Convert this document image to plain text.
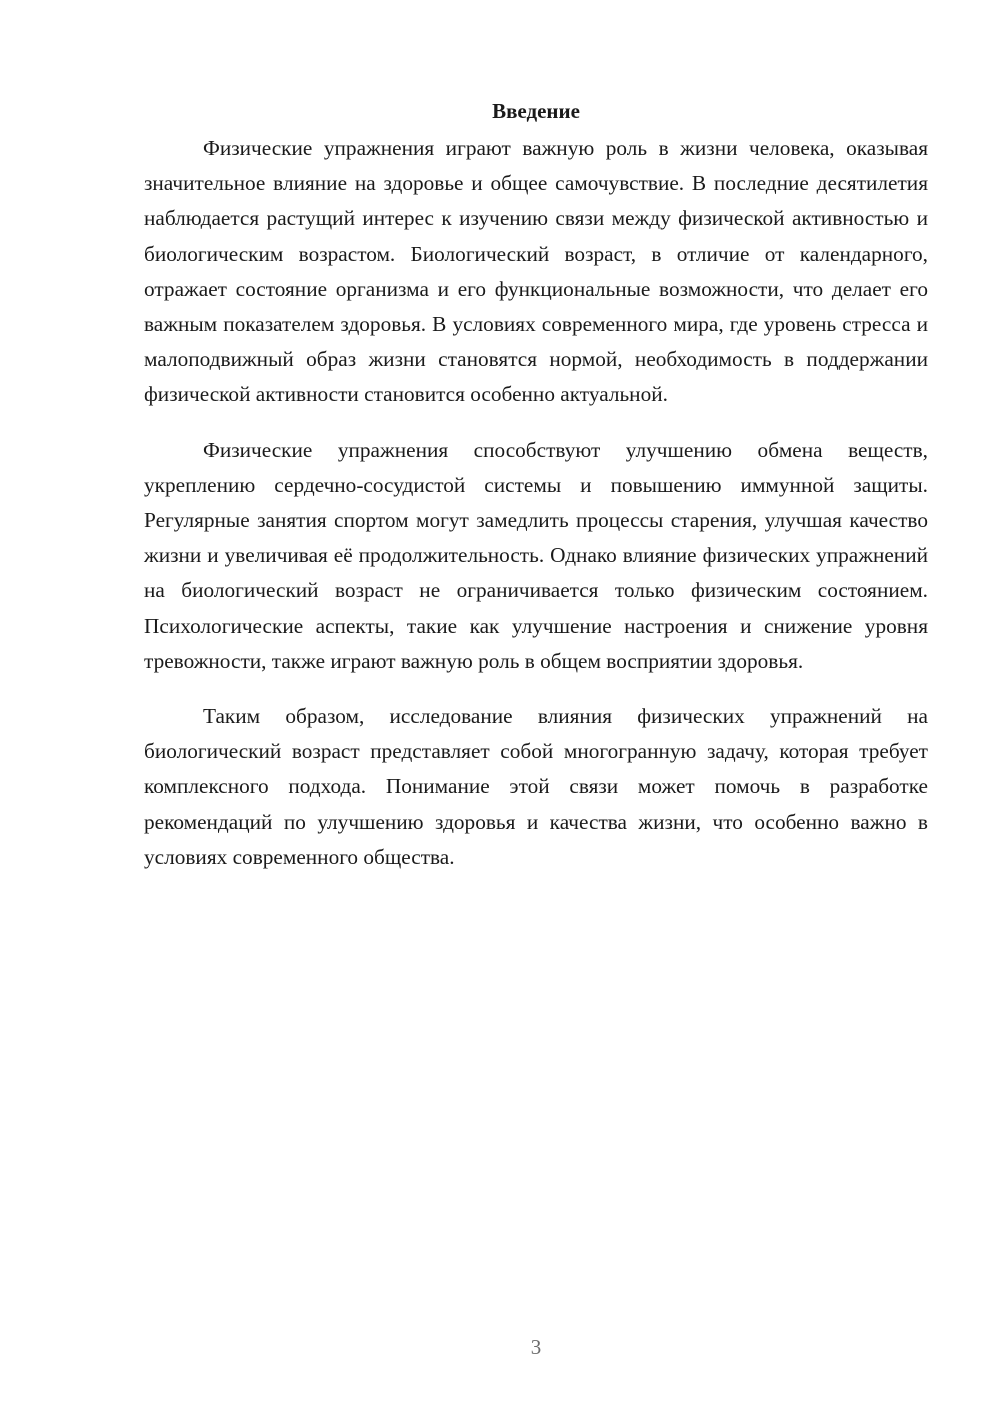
Введение

Физические упражнения играют важную роль в жизни человека, оказывая значительное влияние на здоровье и общее самочувствие. В последние десятилетия наблюдается растущий интерес к изучению связи между физической активностью и биологическим возрастом. Биологический возраст, в отличие от календарного, отражает состояние организма и его функциональные возможности, что делает его важным показателем здоровья. В условиях современного мира, где уровень стресса и малоподвижный образ жизни становятся нормой, необходимость в поддержании физической активности становится особенно актуальной.

Физические упражнения способствуют улучшению обмена веществ, укреплению сердечно-сосудистой системы и повышению иммунной защиты. Регулярные занятия спортом могут замедлить процессы старения, улучшая качество жизни и увеличивая её продолжительность. Однако влияние физических упражнений на биологический возраст не ограничивается только физическим состоянием. Психологические аспекты, такие как улучшение настроения и снижение уровня тревожности, также играют важную роль в общем восприятии здоровья.

Таким образом, исследование влияния физических упражнений на биологический возраст представляет собой многогранную задачу, которая требует комплексного подхода. Понимание этой связи может помочь в разработке рекомендаций по улучшению здоровья и качества жизни, что особенно важно в условиях современного общества.

3
